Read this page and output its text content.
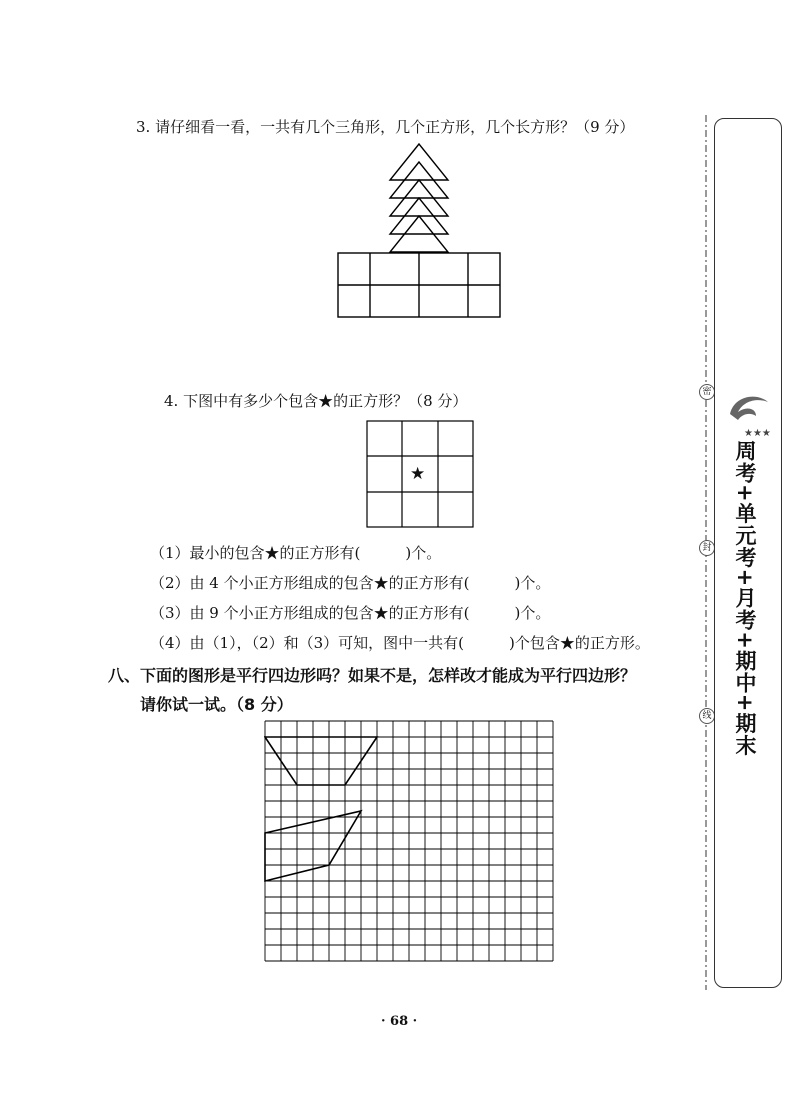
3. 请仔细看一看，一共有几个三角形，几个正方形，几个长方形？（9 分）
4. 下图中有多少个包含★的正方形？（8 分）
★
（1）最小的包含★的正方形有(　　　)个。
（2）由 4 个小正方形组成的包含★的正方形有(　　　)个。
（3）由 9 个小正方形组成的包含★的正方形有(　　　)个。
（4）由（1），（2）和（3）可知，图中一共有(　　　)个包含★的正方形。
八、下面的图形是平行四边形吗？如果不是，怎样改才能成为平行四边形？
请你试一试。（8 分）
密
封
线
★★★
周考+单元考+月考+期中+期末
· 68 ·
